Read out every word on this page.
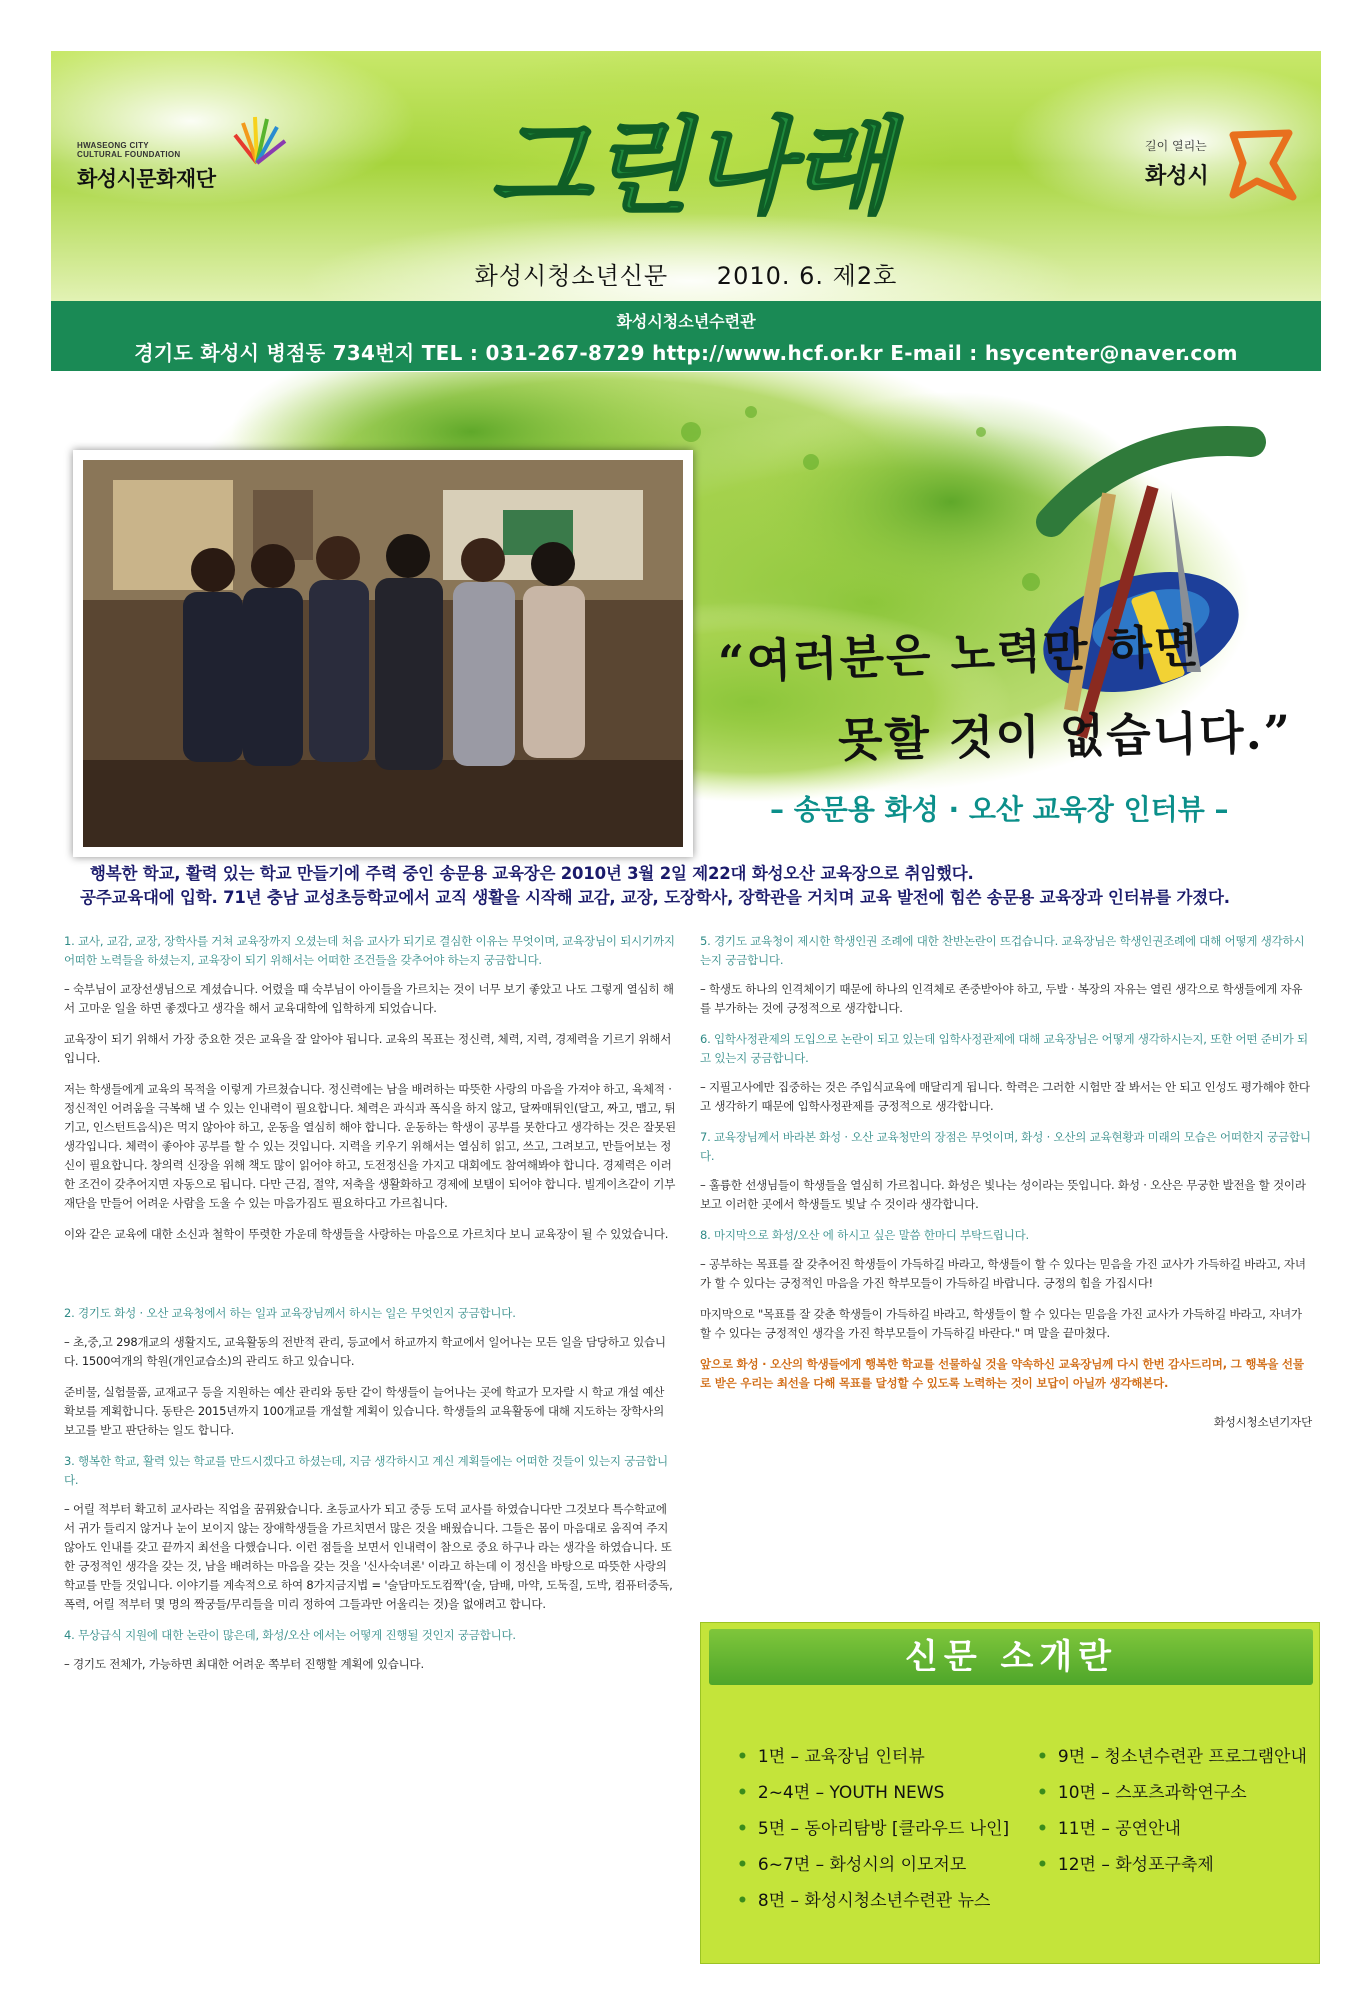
HWASEONG CITY
CULTURAL FOUNDATION
화성시문화재단	그린나래	길이 열리는
화성시
화성시청소년신문 2010. 6. 제2호
화성시청소년수련관
경기도 화성시 병점동 734번지 TEL : 031-267-8729 http://www.hcf.or.kr E-mail : hsycenter@naver.com
“여러분은 노력만 하면
못할 것이 없습니다.”
– 송문용 화성 · 오산 교육장 인터뷰 –

행복한 학교, 활력 있는 학교 만들기에 주력 중인 송문용 교육장은 2010년 3월 2일 제22대 화성오산 교육장으로 취임했다.

공주교육대에 입학. 71년 충남 교성초등학교에서 교직 생활을 시작해 교감, 교장, 도장학사, 장학관을 거치며 교육 발전에 힘쓴 송문용 교육장과 인터뷰를 가졌다.

1. 교사, 교감, 교장, 장학사를 거쳐 교육장까지 오셨는데 처음 교사가 되기로 결심한 이유는 무엇이며, 교육장님이 되시기까지 어떠한 노력들을 하셨는지, 교육장이 되기 위해서는 어떠한 조건들을 갖추어야 하는지 궁금합니다.

– 숙부님이 교장선생님으로 계셨습니다. 어렸을 때 숙부님이 아이들을 가르치는 것이 너무 보기 좋았고 나도 그렇게 열심히 해서 고마운 일을 하면 좋겠다고 생각을 해서 교육대학에 입학하게 되었습니다.

교육장이 되기 위해서 가장 중요한 것은 교육을 잘 알아야 됩니다. 교육의 목표는 정신력, 체력, 지력, 경제력을 기르기 위해서입니다.

저는 학생들에게 교육의 목적을 이렇게 가르쳤습니다. 정신력에는 남을 배려하는 따뜻한 사랑의 마음을 가져야 하고, 육체적 · 정신적인 어려움을 극복해 낼 수 있는 인내력이 필요합니다. 체력은 과식과 폭식을 하지 않고, 달짜매튀인(달고, 짜고, 맵고, 튀기고, 인스턴트음식)은 먹지 않아야 하고, 운동을 열심히 해야 합니다. 운동하는 학생이 공부를 못한다고 생각하는 것은 잘못된 생각입니다. 체력이 좋아야 공부를 할 수 있는 것입니다. 지력을 키우기 위해서는 열심히 읽고, 쓰고, 그려보고, 만들어보는 정신이 필요합니다. 창의력 신장을 위해 책도 많이 읽어야 하고, 도전정신을 가지고 대회에도 참여해봐야 합니다. 경제력은 이러한 조건이 갖추어지면 자동으로 됩니다. 다만 근검, 절약, 저축을 생활화하고 경제에 보탬이 되어야 합니다. 빌게이츠같이 기부재단을 만들어 어려운 사람을 도울 수 있는 마음가짐도 필요하다고 가르칩니다.

이와 같은 교육에 대한 소신과 철학이 뚜렷한 가운데 학생들을 사랑하는 마음으로 가르치다 보니 교육장이 될 수 있었습니다.

2. 경기도 화성 · 오산 교육청에서 하는 일과 교육장님께서 하시는 일은 무엇인지 궁금합니다.

– 초,중,고 298개교의 생활지도, 교육활동의 전반적 관리, 등교에서 하교까지 학교에서 일어나는 모든 일을 담당하고 있습니다. 1500여개의 학원(개인교습소)의 관리도 하고 있습니다.

준비물, 실험물품, 교재교구 등을 지원하는 예산 관리와 동탄 같이 학생들이 늘어나는 곳에 학교가 모자랄 시 학교 개설 예산 확보를 계획합니다. 동탄은 2015년까지 100개교를 개설할 계획이 있습니다. 학생들의 교육활동에 대해 지도하는 장학사의 보고를 받고 판단하는 일도 합니다.

3. 행복한 학교, 활력 있는 학교를 만드시겠다고 하셨는데, 지금 생각하시고 계신 계획들에는 어떠한 것들이 있는지 궁금합니다.

– 어릴 적부터 확고히 교사라는 직업을 꿈꿔왔습니다. 초등교사가 되고 중등 도덕 교사를 하였습니다만 그것보다 특수학교에서 귀가 들리지 않거나 눈이 보이지 않는 장애학생들을 가르치면서 많은 것을 배웠습니다. 그들은 몸이 마음대로 움직여 주지 않아도 인내를 갖고 끝까지 최선을 다했습니다. 이런 점들을 보면서 인내력이 참으로 중요 하구나 라는 생각을 하였습니다. 또한 긍정적인 생각을 갖는 것, 남을 배려하는 마음을 갖는 것을 '신사숙녀론' 이라고 하는데 이 정신을 바탕으로 따뜻한 사랑의 학교를 만들 것입니다. 이야기를 계속적으로 하여 8가지금지법 = '술담마도도컴짝'(술, 담배, 마약, 도둑질, 도박, 컴퓨터중독, 폭력, 어릴 적부터 몇 명의 짝궁들/무리들을 미리 정하여 그들과만 어울리는 것)을 없애려고 합니다.

4. 무상급식 지원에 대한 논란이 많은데, 화성/오산 에서는 어떻게 진행될 것인지 궁금합니다.

– 경기도 전체가, 가능하면 최대한 어려운 쪽부터 진행할 계획에 있습니다.

5. 경기도 교육청이 제시한 학생인권 조례에 대한 찬반논란이 뜨겁습니다. 교육장님은 학생인권조례에 대해 어떻게 생각하시는지 궁금합니다.

– 학생도 하나의 인격체이기 때문에 하나의 인격체로 존중받아야 하고, 두발 · 복장의 자유는 열린 생각으로 학생들에게 자유를 부가하는 것에 긍정적으로 생각합니다.

6. 입학사정관제의 도입으로 논란이 되고 있는데 입학사정관제에 대해 교육장님은 어떻게 생각하시는지, 또한 어떤 준비가 되고 있는지 궁금합니다.

– 지필고사에만 집중하는 것은 주입식교육에 매달리게 됩니다. 학력은 그러한 시험만 잘 봐서는 안 되고 인성도 평가해야 한다고 생각하기 때문에 입학사정관제를 긍정적으로 생각합니다.

7. 교육장님께서 바라본 화성 · 오산 교육청만의 장점은 무엇이며, 화성 · 오산의 교육현황과 미래의 모습은 어떠한지 궁금합니다.

– 훌륭한 선생님들이 학생들을 열심히 가르칩니다. 화성은 빛나는 성이라는 뜻입니다. 화성 · 오산은 무궁한 발전을 할 것이라 보고 이러한 곳에서 학생들도 빛날 수 것이라 생각합니다.

8. 마지막으로 화성/오산 에 하시고 싶은 말씀 한마디 부탁드립니다.

– 공부하는 목표를 잘 갖추어진 학생들이 가득하길 바라고, 학생들이 할 수 있다는 믿음을 가진 교사가 가득하길 바라고, 자녀가 할 수 있다는 긍정적인 마음을 가진 학부모들이 가득하길 바랍니다. 긍정의 힘을 가집시다!

마지막으로 "목표를 잘 갖춘 학생들이 가득하길 바라고, 학생들이 할 수 있다는 믿음을 가진 교사가 가득하길 바라고, 자녀가 할 수 있다는 긍정적인 생각을 가진 학부모들이 가득하길 바란다." 며 말을 끝마쳤다.

앞으로 화성 · 오산의 학생들에게 행복한 학교를 선물하실 것을 약속하신 교육장님께 다시 한번 감사드리며, 그 행복을 선물로 받은 우리는 최선을 다해 목표를 달성할 수 있도록 노력하는 것이 보답이 아닐까 생각해본다.

화성시청소년기자단

신문 소개란
• 1면 – 교육장님 인터뷰
• 2~4면 – YOUTH NEWS
• 5면 – 동아리탐방 [클라우드 나인]
• 6~7면 – 화성시의 이모저모
• 8면 – 화성시청소년수련관 뉴스
• 9면 – 청소년수련관 프로그램안내
• 10면 – 스포츠과학연구소
• 11면 – 공연안내
• 12면 – 화성포구축제
